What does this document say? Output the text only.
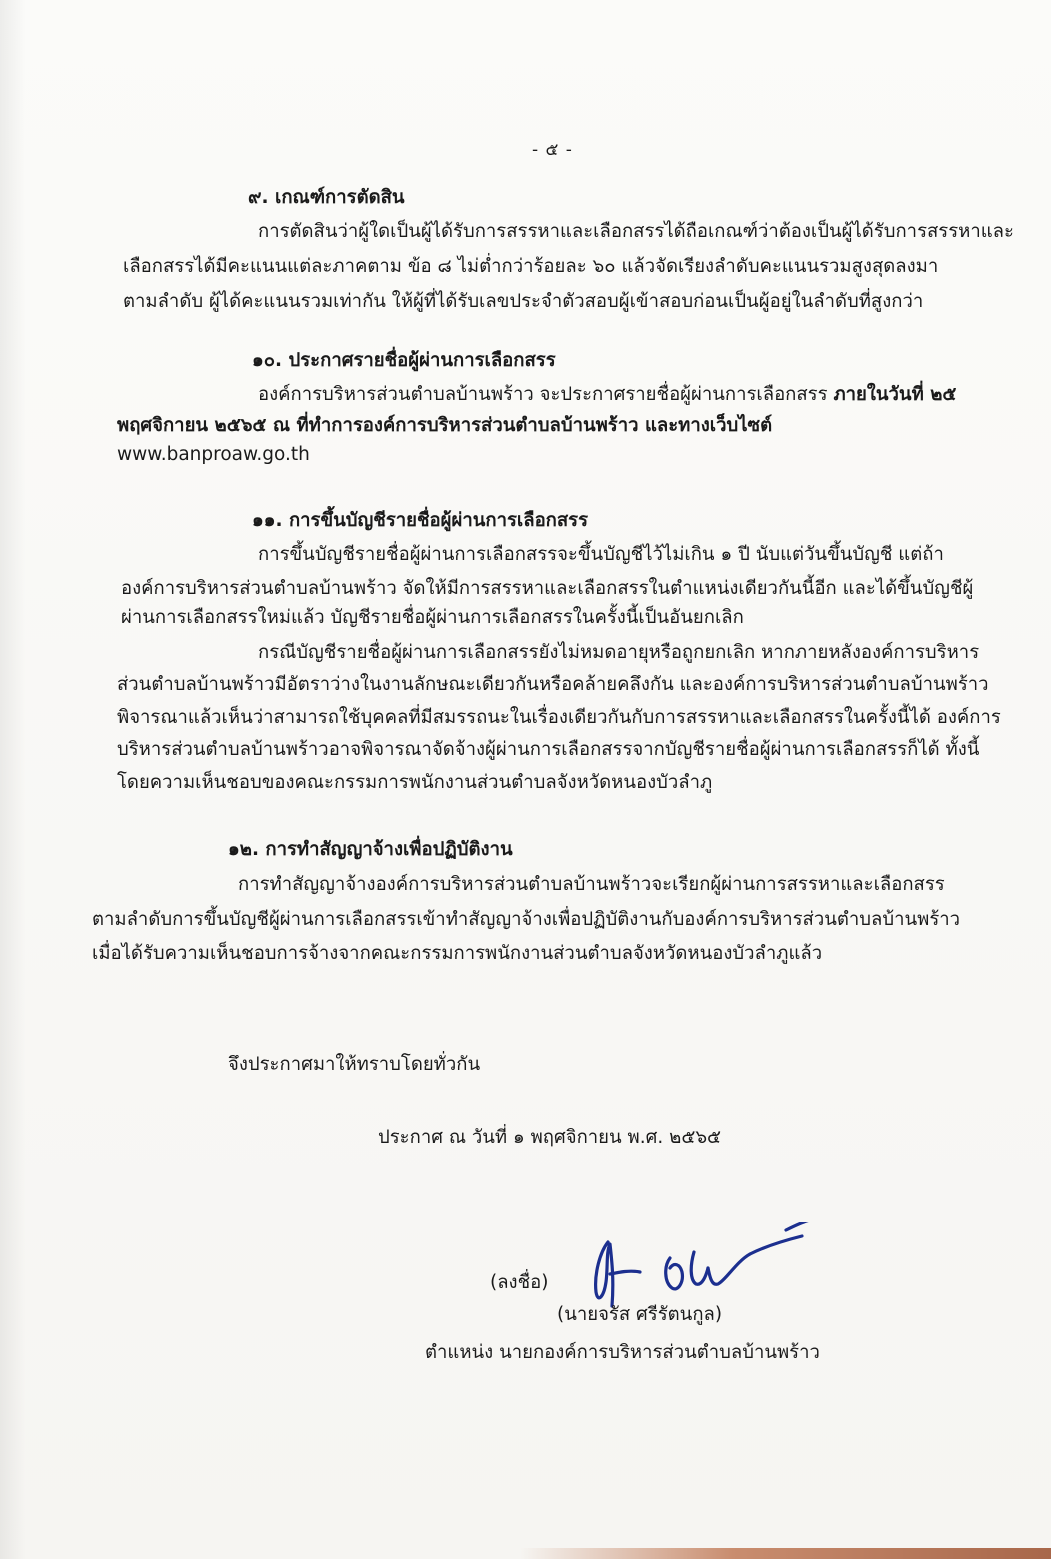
- ๕ -
๙. เกณฑ์การตัดสิน
การตัดสินว่าผู้ใดเป็นผู้ได้รับการสรรหาและเลือกสรรได้ถือเกณฑ์ว่าต้องเป็นผู้ได้รับการสรรหาและ
เลือกสรรได้มีคะแนนแต่ละภาคตาม ข้อ ๘ ไม่ต่ำกว่าร้อยละ ๖๐ แล้วจัดเรียงลำดับคะแนนรวมสูงสุดลงมา
ตามลำดับ ผู้ได้คะแนนรวมเท่ากัน ให้ผู้ที่ได้รับเลขประจำตัวสอบผู้เข้าสอบก่อนเป็นผู้อยู่ในลำดับที่สูงกว่า
๑๐. ประกาศรายชื่อผู้ผ่านการเลือกสรร
องค์การบริหารส่วนตำบลบ้านพร้าว จะประกาศรายชื่อผู้ผ่านการเลือกสรร ภายในวันที่ ๒๕
พฤศจิกายน ๒๕๖๕ ณ ที่ทำการองค์การบริหารส่วนตำบลบ้านพร้าว และทางเว็บไซต์
www.banproaw.go.th
๑๑. การขึ้นบัญชีรายชื่อผู้ผ่านการเลือกสรร
การขึ้นบัญชีรายชื่อผู้ผ่านการเลือกสรรจะขึ้นบัญชีไว้ไม่เกิน ๑ ปี นับแต่วันขึ้นบัญชี แต่ถ้า
องค์การบริหารส่วนตำบลบ้านพร้าว จัดให้มีการสรรหาและเลือกสรรในตำแหน่งเดียวกันนี้อีก และได้ขึ้นบัญชีผู้
ผ่านการเลือกสรรใหม่แล้ว บัญชีรายชื่อผู้ผ่านการเลือกสรรในครั้งนี้เป็นอันยกเลิก
กรณีบัญชีรายชื่อผู้ผ่านการเลือกสรรยังไม่หมดอายุหรือถูกยกเลิก หากภายหลังองค์การบริหาร
ส่วนตำบลบ้านพร้าวมีอัตราว่างในงานลักษณะเดียวกันหรือคล้ายคลึงกัน และองค์การบริหารส่วนตำบลบ้านพร้าว
พิจารณาแล้วเห็นว่าสามารถใช้บุคคลที่มีสมรรถนะในเรื่องเดียวกันกับการสรรหาและเลือกสรรในครั้งนี้ได้ องค์การ
บริหารส่วนตำบลบ้านพร้าวอาจพิจารณาจัดจ้างผู้ผ่านการเลือกสรรจากบัญชีรายชื่อผู้ผ่านการเลือกสรรก็ได้ ทั้งนี้
โดยความเห็นชอบของคณะกรรมการพนักงานส่วนตำบลจังหวัดหนองบัวลำภู
๑๒. การทำสัญญาจ้างเพื่อปฏิบัติงาน
การทำสัญญาจ้างองค์การบริหารส่วนตำบลบ้านพร้าวจะเรียกผู้ผ่านการสรรหาและเลือกสรร
ตามลำดับการขึ้นบัญชีผู้ผ่านการเลือกสรรเข้าทำสัญญาจ้างเพื่อปฏิบัติงานกับองค์การบริหารส่วนตำบลบ้านพร้าว
เมื่อได้รับความเห็นชอบการจ้างจากคณะกรรมการพนักงานส่วนตำบลจังหวัดหนองบัวลำภูแล้ว
จึงประกาศมาให้ทราบโดยทั่วกัน
ประกาศ ณ วันที่ ๑ พฤศจิกายน พ.ศ. ๒๕๖๕
(ลงชื่อ)
(นายจรัส ศรีรัตนกูล)
ตำแหน่ง นายกองค์การบริหารส่วนตำบลบ้านพร้าว
